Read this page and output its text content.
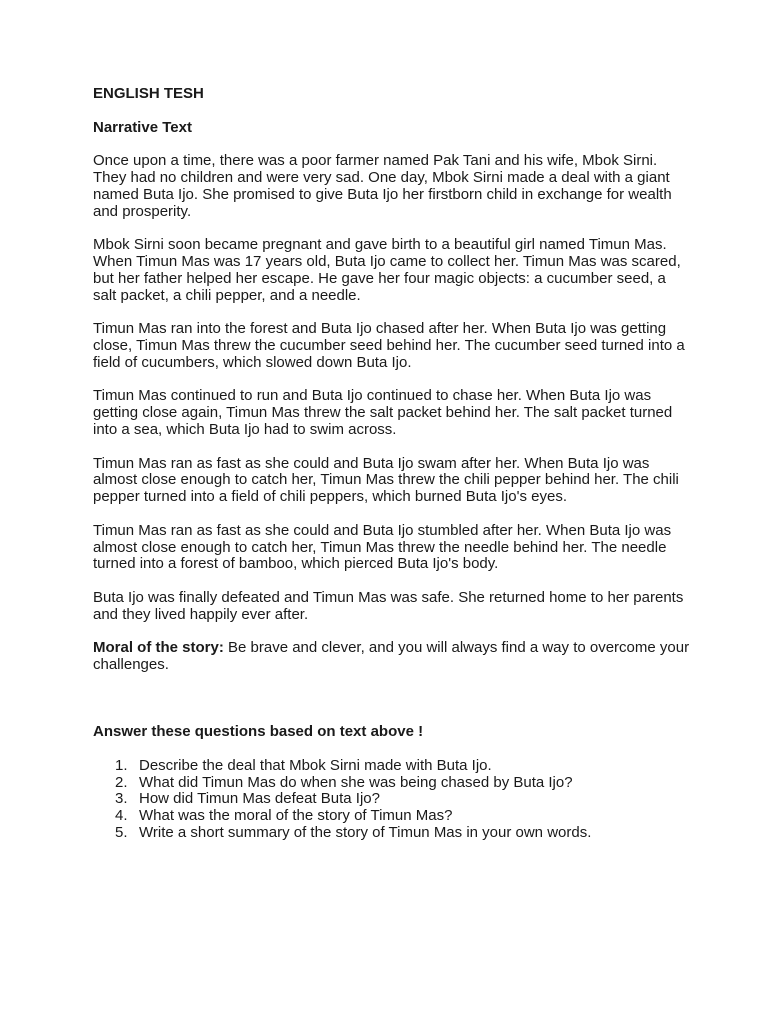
ENGLISH TESH
Narrative Text

Once upon a time, there was a poor farmer named Pak Tani and his wife, Mbok Sirni. They had no children and were very sad. One day, Mbok Sirni made a deal with a giant named Buta Ijo. She promised to give Buta Ijo her firstborn child in exchange for wealth and prosperity.

Mbok Sirni soon became pregnant and gave birth to a beautiful girl named Timun Mas. When Timun Mas was 17 years old, Buta Ijo came to collect her. Timun Mas was scared, but her father helped her escape. He gave her four magic objects: a cucumber seed, a salt packet, a chili pepper, and a needle.

Timun Mas ran into the forest and Buta Ijo chased after her. When Buta Ijo was getting close, Timun Mas threw the cucumber seed behind her. The cucumber seed turned into a field of cucumbers, which slowed down Buta Ijo.

Timun Mas continued to run and Buta Ijo continued to chase her. When Buta Ijo was getting close again, Timun Mas threw the salt packet behind her. The salt packet turned into a sea, which Buta Ijo had to swim across.

Timun Mas ran as fast as she could and Buta Ijo swam after her. When Buta Ijo was almost close enough to catch her, Timun Mas threw the chili pepper behind her. The chili pepper turned into a field of chili peppers, which burned Buta Ijo's eyes.

Timun Mas ran as fast as she could and Buta Ijo stumbled after her. When Buta Ijo was almost close enough to catch her, Timun Mas threw the needle behind her. The needle turned into a forest of bamboo, which pierced Buta Ijo's body.

Buta Ijo was finally defeated and Timun Mas was safe. She returned home to her parents and they lived happily ever after.

Moral of the story: Be brave and clever, and you will always find a way to overcome your challenges.

Answer these questions based on text above !
1. Describe the deal that Mbok Sirni made with Buta Ijo.
2. What did Timun Mas do when she was being chased by Buta Ijo?
3. How did Timun Mas defeat Buta Ijo?
4. What was the moral of the story of Timun Mas?
5. Write a short summary of the story of Timun Mas in your own words.
